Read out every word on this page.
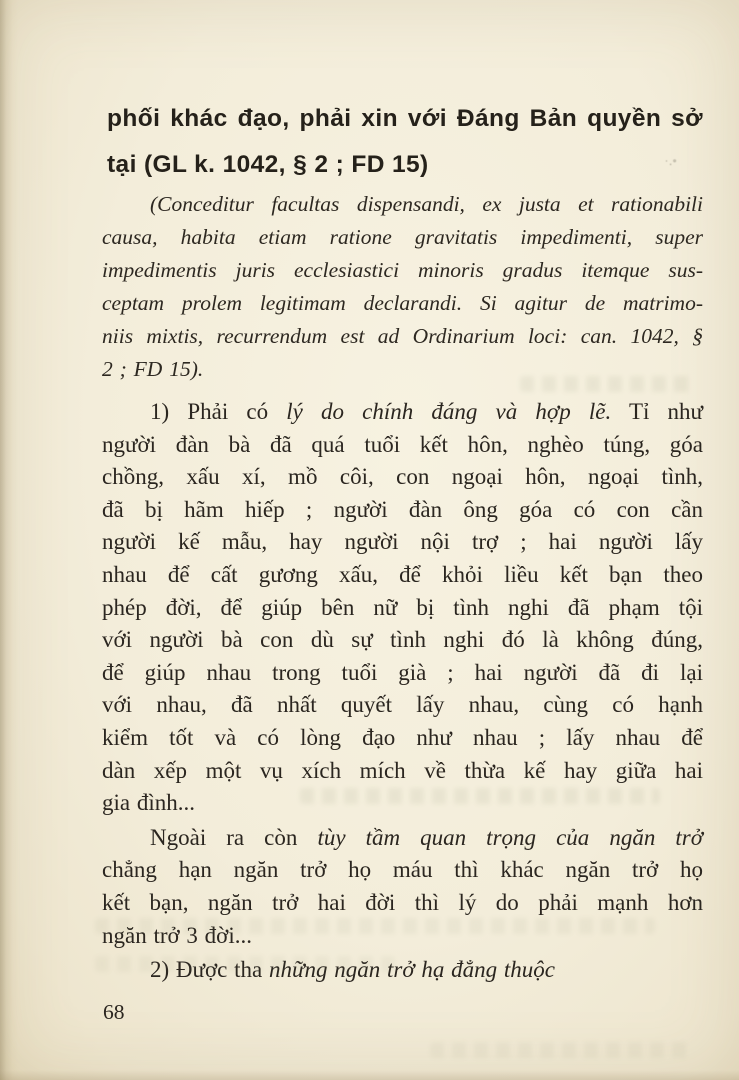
phối khác đạo, phải xin với Đáng Bản quyền sở
tại (GL k. 1042, § 2 ; FD 15)
(Conceditur facultas dispensandi, ex justa et rationabili
causa, habita etiam ratione gravitatis impedimenti, super
impedimentis juris ecclesiastici minoris gradus itemque sus-
ceptam prolem legitimam declarandi. Si agitur de matrimo-
niis mixtis, recurrendum est ad Ordinarium loci: can. 1042, §
2 ; FD 15).
1) Phải có lý do chính đáng và hợp lẽ. Tỉ như
người đàn bà đã quá tuổi kết hôn, nghèo túng, góa
chồng, xấu xí, mồ côi, con ngoại hôn, ngoại tình,
đã bị hãm hiếp ; người đàn ông góa có con cần
người kế mẫu, hay người nội trợ ; hai người lấy
nhau để cất gương xấu, để khỏi liều kết bạn theo
phép đời, để giúp bên nữ bị tình nghi đã phạm tội
với người bà con dù sự tình nghi đó là không đúng,
để giúp nhau trong tuổi già ; hai người đã đi lại
với nhau, đã nhất quyết lấy nhau, cùng có hạnh
kiểm tốt và có lòng đạo như nhau ; lấy nhau để
dàn xếp một vụ xích mích về thừa kế hay giữa hai
gia đình...
Ngoài ra còn tùy tầm quan trọng của ngăn trở
chẳng hạn ngăn trở họ máu thì khác ngăn trở họ
kết bạn, ngăn trở hai đời thì lý do phải mạnh hơn
ngăn trở 3 đời...
2) Được tha những ngăn trở hạ đẳng thuộc
68
˙·˚
